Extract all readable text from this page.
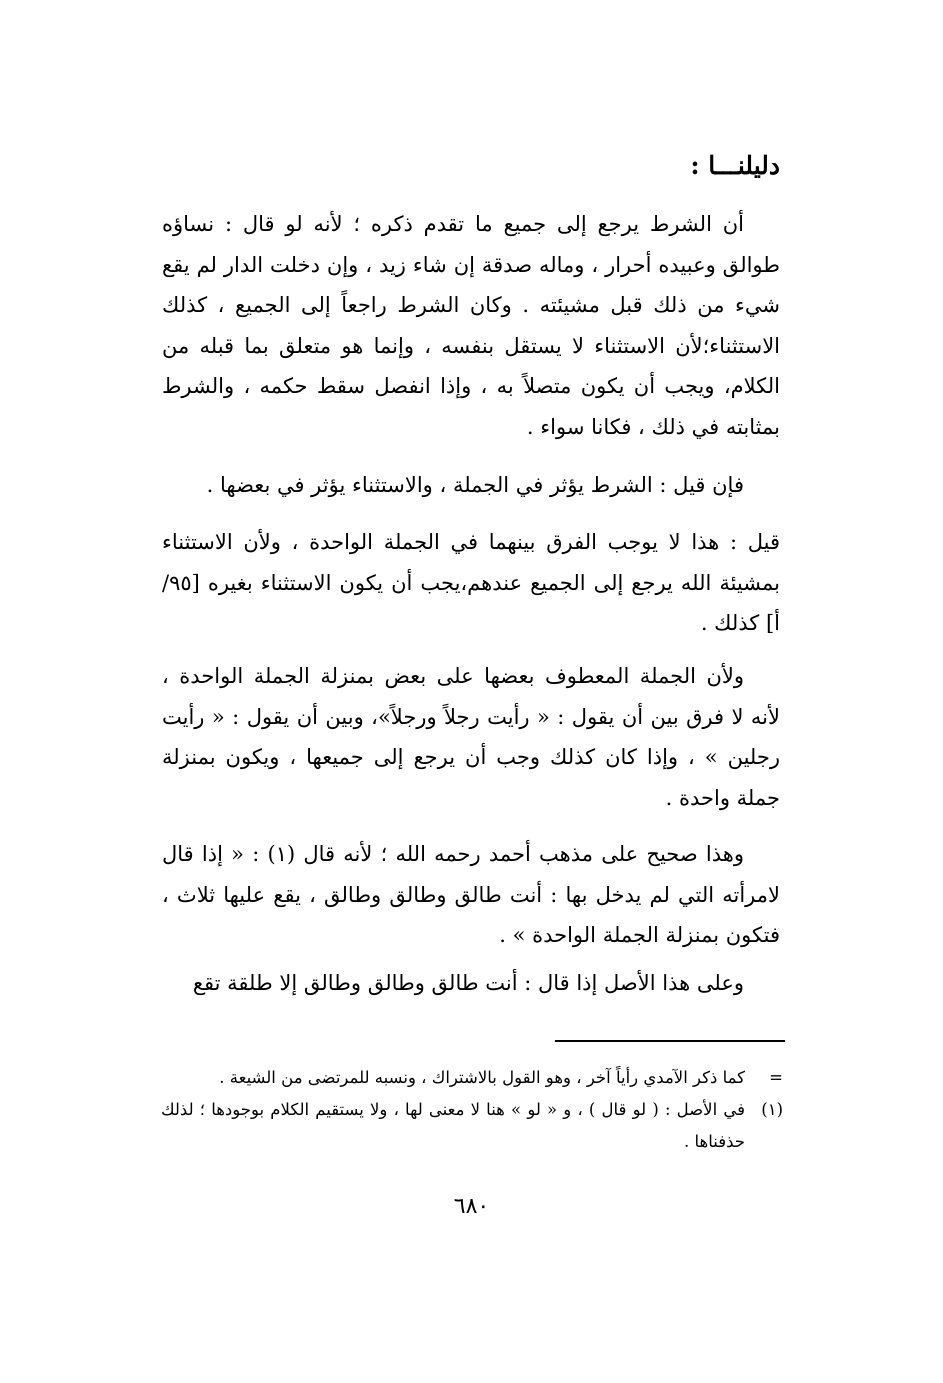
دليلنـــا :

أن الشرط يرجع إلى جميع ما تقدم ذكره ؛ لأنه لو قال : نساؤه طوالق وعبيده أحرار ، وماله صدقة إن شاء زيد ، وإن دخلت الدار لم يقع شيء من ذلك قبل مشيئته . وكان الشرط راجعاً إلى الجميع ، كذلك الاستثناء؛لأن الاستثناء لا يستقل بنفسه ، وإنما هو متعلق بما قبله من الكلام، ويجب أن يكون متصلاً به ، وإذا انفصل سقط حكمه ، والشرط بمثابته في ذلك ، فكانا سواء .

فإن قيل : الشرط يؤثر في الجملة ، والاستثناء يؤثر في بعضها .

قيل : هذا لا يوجب الفرق بينهما في الجملة الواحدة ، ولأن الاستثناء بمشيئة الله يرجع إلى الجميع عندهم،يجب أن يكون الاستثناء بغيره [٩٥/أ] كذلك .

ولأن الجملة المعطوف بعضها على بعض بمنزلة الجملة الواحدة ، لأنه لا فرق بين أن يقول : « رأيت رجلاً ورجلاً»، وبين أن يقول : « رأيت رجلين » ، وإذا كان كذلك وجب أن يرجع إلى جميعها ، ويكون بمنزلة جملة واحدة .

وهذا صحيح على مذهب أحمد رحمه الله ؛ لأنه قال (١) : « إذا قال لامرأته التي لم يدخل بها : أنت طالق وطالق وطالق ، يقع عليها ثلاث ، فتكون بمنزلة الجملة الواحدة » .

وعلى هذا الأصل إذا قال : أنت طالق وطالق وطالق إلا طلقة تقع

=
كما ذكر الآمدي رأياً آخر ، وهو القول بالاشتراك ، ونسبه للمرتضى من الشيعة .
(١)
في الأصل : ( لو قال ) ، و « لو » هنا لا معنى لها ، ولا يستقيم الكلام بوجودها ؛ لذلك حذفناها .
٦٨٠
